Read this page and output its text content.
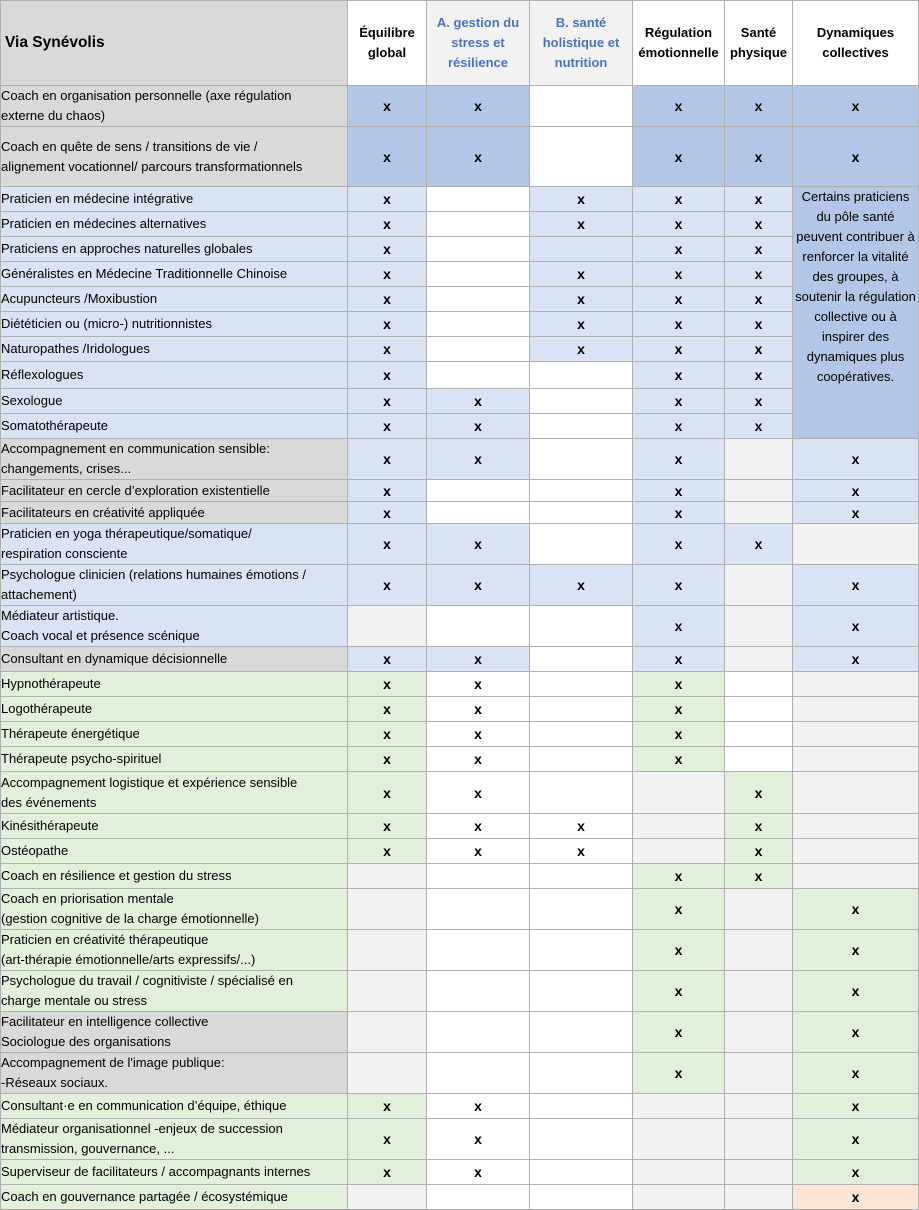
Via Synévolis	Équilibre global	A. gestion du stress et résilience	B. santé holistique et nutrition	Régulation émotionnelle	Santé physique	Dynamiques collectives

Coach en organisation personnelle (axe régulation
externe du chaos)	x	x		x	x	x

Coach en quête de sens / transitions de vie /
alignement vocationnel/ parcours transformationnels	x	x		x	x	x

Praticien en médecine intégrative	x		x	x	x	Certains praticiens du pôle santé peuvent contribuer à renforcer la vitalité des groupes, à soutenir la régulation collective ou à inspirer des dynamiques plus coopératives.

Praticien en médecines alternatives	x		x	x	x	

Praticiens en approches naturelles globales	x			x	x	

Généralistes en Médecine Traditionnelle Chinoise	x		x	x	x	

Acupuncteurs /Moxibustion	x		x	x	x	

Diététicien ou (micro-) nutritionnistes	x		x	x	x	

Naturopathes /Iridologues	x		x	x	x	

Réflexologues	x			x	x	

Sexologue	x	x		x	x	

Somatothérapeute	x	x		x	x	

Accompagnement en communication sensible:
changements, crises...	x	x		x		x

Facilitateur en cercle d’exploration existentielle	x			x		x

Facilitateurs en créativité appliquée	x			x		x

Praticien en yoga thérapeutique/somatique/
respiration consciente	x	x		x	x	

Psychologue clinicien (relations humaines émotions /
attachement)	x	x	x	x		x

Médiateur artistique.
Coach vocal et présence scénique				x		x

Consultant en dynamique décisionnelle	x	x		x		x

Hypnothérapeute	x	x		x		

Logothérapeute	x	x		x		

Thérapeute énergétique	x	x		x		

Thérapeute psycho-spirituel	x	x		x		

Accompagnement logistique et expérience sensible
des événements	x	x			x	

Kinésithérapeute	x	x	x		x	

Ostéopathe	x	x	x		x	

Coach en résilience et gestion du stress				x	x	

Coach en priorisation mentale
(gestion cognitive de la charge émotionnelle)				x		x

Praticien en créativité thérapeutique
(art-thérapie émotionnelle/arts expressifs/...)				x		x

Psychologue du travail / cognitiviste / spécialisé en
charge mentale ou stress				x		x

Facilitateur en intelligence collective
Sociologue des organisations				x		x

Accompagnement de l'image publique:
-Réseaux sociaux.				x		x

Consultant·e en communication d’équipe, éthique	x	x				x

Médiateur organisationnel -enjeux de succession
transmission, gouvernance, ...	x	x				x

Superviseur de facilitateurs / accompagnants internes	x	x				x

Coach en gouvernance partagée / écosystémique						x
